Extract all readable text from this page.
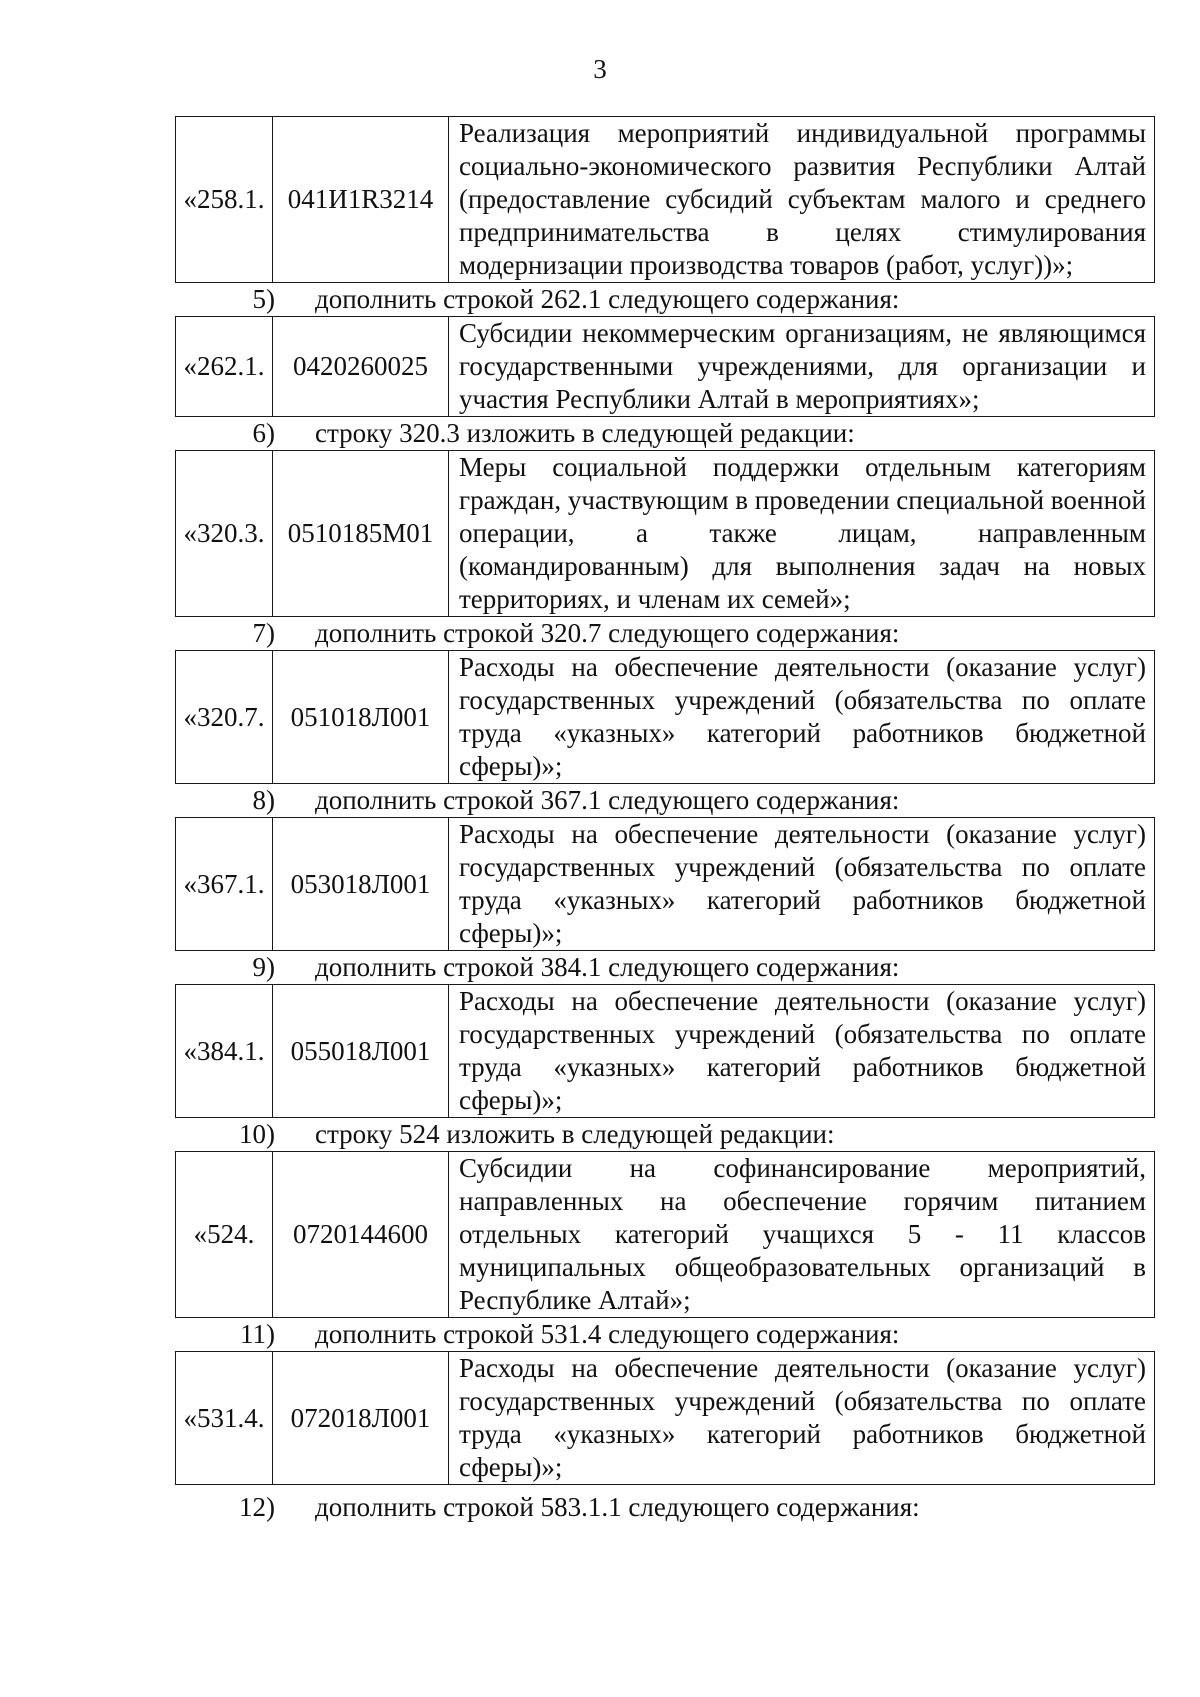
3
«258.1.	041И1R3214	Реализация мероприятий индивидуальной программы социально-экономического развития Республики Алтай (предоставление субсидий субъектам малого и среднего предпринимательства в целях стимулирования модернизации производства товаров (работ, услуг))»;
5) дополнить строкой 262.1 следующего содержания:
«262.1.	0420260025	Субсидии некоммерческим организациям, не являющимся государственными учреждениями, для организации и участия Республики Алтай в мероприятиях»;
6) строку 320.3 изложить в следующей редакции:
«320.3.	0510185М01	Меры социальной поддержки отдельным категориям граждан, участвующим в проведении специальной военной операции, а также лицам, направленным (командированным) для выполнения задач на новых территориях, и членам их семей»;
7) дополнить строкой 320.7 следующего содержания:
«320.7.	051018Л001	Расходы на обеспечение деятельности (оказание услуг) государственных учреждений (обязательства по оплате труда «указных» категорий работников бюджетной сферы)»;
8) дополнить строкой 367.1 следующего содержания:
«367.1.	053018Л001	Расходы на обеспечение деятельности (оказание услуг) государственных учреждений (обязательства по оплате труда «указных» категорий работников бюджетной сферы)»;
9) дополнить строкой 384.1 следующего содержания:
«384.1.	055018Л001	Расходы на обеспечение деятельности (оказание услуг) государственных учреждений (обязательства по оплате труда «указных» категорий работников бюджетной сферы)»;
10) строку 524 изложить в следующей редакции:
«524.	0720144600	Субсидии на софинансирование мероприятий, направленных на обеспечение горячим питанием отдельных категорий учащихся 5 - 11 классов муниципальных общеобразовательных организаций в Республике Алтай»;
11) дополнить строкой 531.4 следующего содержания:
«531.4.	072018Л001	Расходы на обеспечение деятельности (оказание услуг) государственных учреждений (обязательства по оплате труда «указных» категорий работников бюджетной сферы)»;
12) дополнить строкой 583.1.1 следующего содержания:
